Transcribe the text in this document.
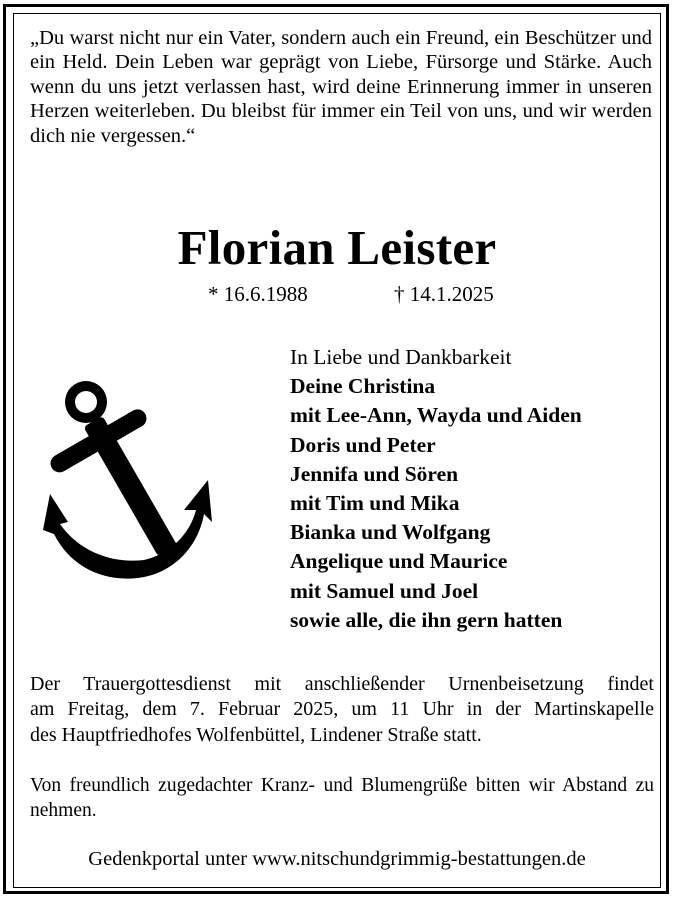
„Du warst nicht nur ein Vater, sondern auch ein Freund, ein Beschützer und ein Held. Dein Leben war geprägt von Liebe, Fürsorge und Stärke. Auch wenn du uns jetzt verlassen hast, wird deine Erinnerung immer in unseren Herzen weiterleben. Du bleibst für immer ein Teil von uns, und wir werden dich nie vergessen.“
Florian Leister
* 16.6.1988	† 14.1.2025
In Liebe und Dankbarkeit
Deine Christina
mit Lee-Ann, Wayda und Aiden
Doris und Peter
Jennifa und Sören
mit Tim und Mika
Bianka und Wolfgang
Angelique und Maurice
mit Samuel und Joel
sowie alle, die ihn gern hatten
Der Trauergottesdienst mit anschließender Urnenbeisetzung findet
am Freitag, dem 7. Februar 2025, um 11 Uhr in der Martinskapelle
des Hauptfriedhofes Wolfenbüttel, Lindener Straße statt.
Von freundlich zugedachter Kranz- und Blumengrüße bitten wir Abstand zu nehmen.
Gedenkportal unter www.nitschundgrimmig-bestattungen.de
